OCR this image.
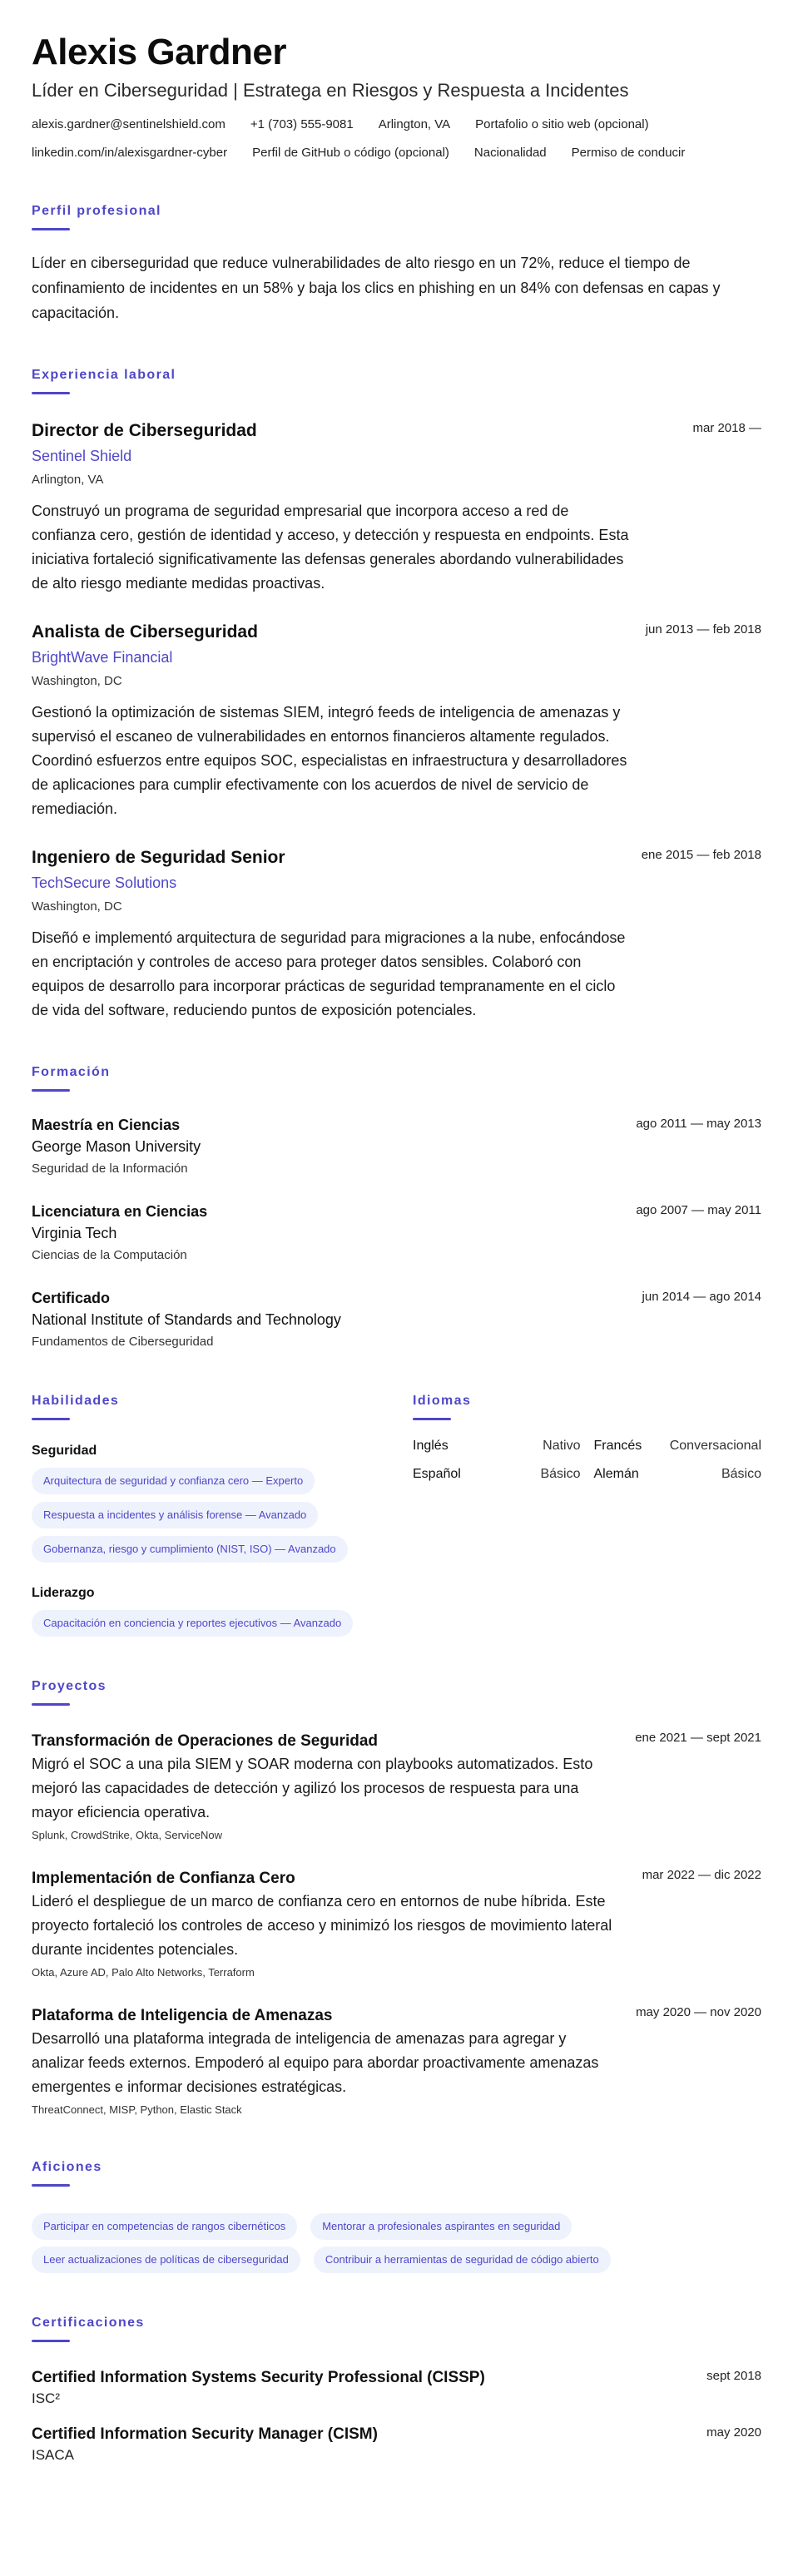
Alexis Gardner
Líder en Ciberseguridad | Estratega en Riesgos y Respuesta a Incidentes
alexis.gardner@sentinelshield.com +1 (703) 555-9081 Arlington, VA Portafolio o sitio web (opcional)
linkedin.com/in/alexisgardner-cyber Perfil de GitHub o código (opcional) Nacionalidad Permiso de conducir
Perfil profesional
Líder en ciberseguridad que reduce vulnerabilidades de alto riesgo en un 72%, reduce el tiempo de confinamiento de incidentes en un 58% y baja los clics en phishing en un 84% con defensas en capas y capacitación.
Experiencia laboral
Director de Ciberseguridad	mar 2018 —
Sentinel Shield
Arlington, VA
Construyó un programa de seguridad empresarial que incorpora acceso a red de confianza cero, gestión de identidad y acceso, y detección y respuesta en endpoints. Esta iniciativa fortaleció significativamente las defensas generales abordando vulnerabilidades de alto riesgo mediante medidas proactivas.
Analista de Ciberseguridad	jun 2013 — feb 2018
BrightWave Financial
Washington, DC
Gestionó la optimización de sistemas SIEM, integró feeds de inteligencia de amenazas y supervisó el escaneo de vulnerabilidades en entornos financieros altamente regulados. Coordinó esfuerzos entre equipos SOC, especialistas en infraestructura y desarrolladores de aplicaciones para cumplir efectivamente con los acuerdos de nivel de servicio de remediación.
Ingeniero de Seguridad Senior	ene 2015 — feb 2018
TechSecure Solutions
Washington, DC
Diseñó e implementó arquitectura de seguridad para migraciones a la nube, enfocándose en encriptación y controles de acceso para proteger datos sensibles. Colaboró con equipos de desarrollo para incorporar prácticas de seguridad tempranamente en el ciclo de vida del software, reduciendo puntos de exposición potenciales.
Formación
Maestría en Ciencias	ago 2011 — may 2013
George Mason University
Seguridad de la Información
Licenciatura en Ciencias	ago 2007 — may 2011
Virginia Tech
Ciencias de la Computación
Certificado	jun 2014 — ago 2014
National Institute of Standards and Technology
Fundamentos de Ciberseguridad
Habilidades
Seguridad
Arquitectura de seguridad y confianza cero — Experto
Respuesta a incidentes y análisis forense — Avanzado
Gobernanza, riesgo y cumplimiento (NIST, ISO) — Avanzado
Liderazgo
Capacitación en conciencia y reportes ejecutivos — Avanzado
Idiomas
Inglés	Nativo Francés Conversacional
Español	Básico Alemán	Básico
Proyectos
Transformación de Operaciones de Seguridad	ene 2021 — sept 2021
Migró el SOC a una pila SIEM y SOAR moderna con playbooks automatizados. Esto mejoró las capacidades de detección y agilizó los procesos de respuesta para una mayor eficiencia operativa.
Splunk, CrowdStrike, Okta, ServiceNow
Implementación de Confianza Cero	mar 2022 — dic 2022
Lideró el despliegue de un marco de confianza cero en entornos de nube híbrida. Este proyecto fortaleció los controles de acceso y minimizó los riesgos de movimiento lateral durante incidentes potenciales.
Okta, Azure AD, Palo Alto Networks, Terraform
Plataforma de Inteligencia de Amenazas	may 2020 — nov 2020
Desarrolló una plataforma integrada de inteligencia de amenazas para agregar y analizar feeds externos. Empoderó al equipo para abordar proactivamente amenazas emergentes e informar decisiones estratégicas.
ThreatConnect, MISP, Python, Elastic Stack
Aficiones
Participar en competencias de rangos cibernéticos	Mentorar a profesionales aspirantes en seguridad
Leer actualizaciones de políticas de ciberseguridad	Contribuir a herramientas de seguridad de código abierto
Certificaciones
Certified Information Systems Security Professional (CISSP)	sept 2018
ISC²
Certified Information Security Manager (CISM)	may 2020
ISACA
